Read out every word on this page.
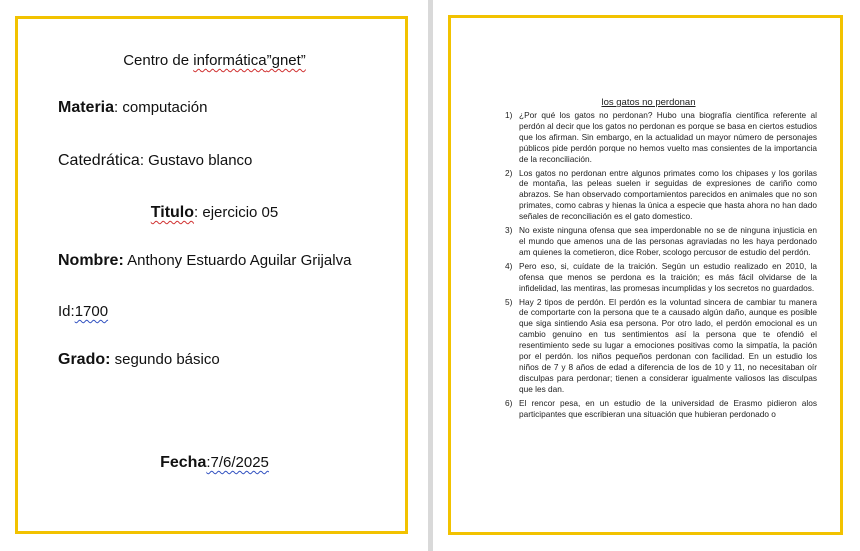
Centro de informática”gnet”
Materia: computación
Catedrática: Gustavo blanco
Titulo: ejercicio 05
Nombre: Anthony Estuardo Aguilar Grijalva
Id:1700
Grado: segundo básico
Fecha:7/6/2025
los gatos no perdonan
1) ¿Por qué los gatos no perdonan? Hubo una biografía científica referente al perdón al decir que los gatos no perdonan es porque se basa en ciertos estudios que los afirman. Sin embargo, en la actualidad un mayor número de personajes públicos pide perdón porque no hemos vuelto mas consientes de la importancia de la reconciliación.
2) Los gatos no perdonan entre algunos primates como los chipases y los gorilas de montaña, las peleas suelen ir seguidas de expresiones de cariño como abrazos. Se han observado comportamientos parecidos en animales que no son primates, como cabras y hienas la única a especie que hasta ahora no han dado señales de reconciliación es el gato domestico.
3) No existe ninguna ofensa que sea imperdonable no se de ninguna injusticia en el mundo que amenos una de las personas agraviadas no les haya perdonado am quienes la cometieron, dice Rober, scologo percusor de estudio del perdón.
4) Pero eso, si, cuídate de la traición. Según un estudio realizado en 2010, la ofensa que menos se perdona es la traición; es más fácil olvidarse de la infidelidad, las mentiras, las promesas incumplidas y los secretos no guardados.
5) Hay 2 tipos de perdón. El perdón es la voluntad sincera de cambiar tu manera de comportarte con la persona que te a causado algún daño, aunque es posible que siga sintiendo Asia esa persona. Por otro lado, el perdón emocional es un cambio genuino en tus sentimientos así la persona que te ofendió el resentimiento sede su lugar a emociones positivas como la simpatía, la pación por el perdón. los niños pequeños perdonan con facilidad. En un estudio los niños de 7 y 8 años de edad a diferencia de los de 10 y 11, no necesitaban oír disculpas para perdonar; tienen a considerar igualmente valiosos las disculpas que les dan.
6) El rencor pesa, en un estudio de la universidad de Erasmo pidieron alos participantes que escribieran una situación que hubieran perdonado o
